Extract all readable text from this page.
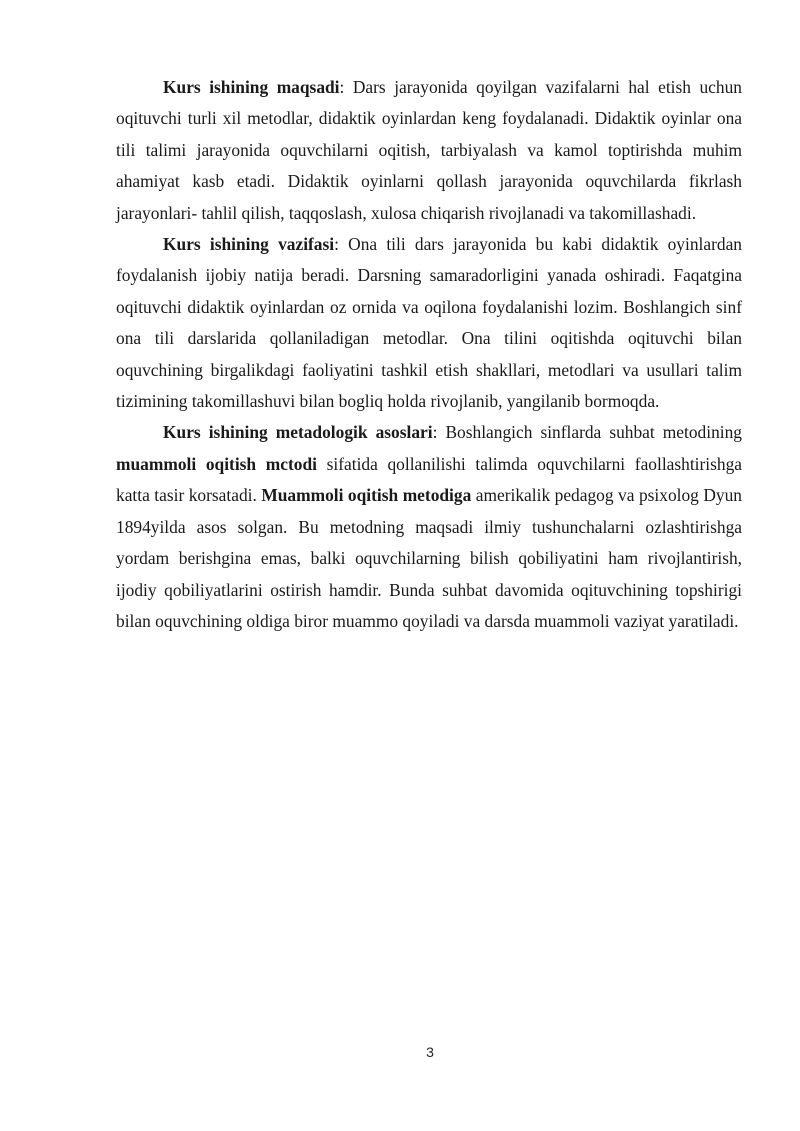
Kurs ishining maqsadi: Dars jarayonida qoyilgan vazifalarni hal etish uchun oqituvchi turli xil metodlar, didaktik oyinlardan keng foydalanadi. Didaktik oyinlar ona tili talimi jarayonida oquvchilarni oqitish, tarbiyalash va kamol toptirishda muhim ahamiyat kasb etadi. Didaktik oyinlarni qollash jarayonida oquvchilarda fikrlash jarayonlari- tahlil qilish, taqqoslash, xulosa chiqarish rivojlanadi va takomillashadi.

Kurs ishining vazifasi: Ona tili dars jarayonida bu kabi didaktik oyinlardan foydalanish ijobiy natija beradi. Darsning samaradorligini yanada oshiradi. Faqatgina oqituvchi didaktik oyinlardan oz ornida va oqilona foydalanishi lozim. Boshlangich sinf ona tili darslarida qollaniladigan metodlar. Ona tilini oqitishda oqituvchi bilan oquvchining birgalikdagi faoliyatini tashkil etish shakllari, metodlari va usullari talim tizimining takomillashuvi bilan bogliq holda rivojlanib, yangilanib bormoqda.

Kurs ishining metadologik asoslari: Boshlangich sinflarda suhbat metodining muammoli oqitish mctodi sifatida qollanilishi talimda oquvchilarni faollashtirishga katta tasir korsatadi. Muammoli oqitish metodiga amerikalik pedagog va psixolog Dyun 1894yilda asos solgan. Bu metodning maqsadi ilmiy tushunchalarni ozlashtirishga yordam berishgina emas, balki oquvchilarning bilish qobiliyatini ham rivojlantirish, ijodiy qobiliyatlarini ostirish hamdir. Bunda suhbat davomida oqituvchining topshirigi bilan oquvchining oldiga biror muammo qoyiladi va darsda muammoli vaziyat yaratiladi.

3
